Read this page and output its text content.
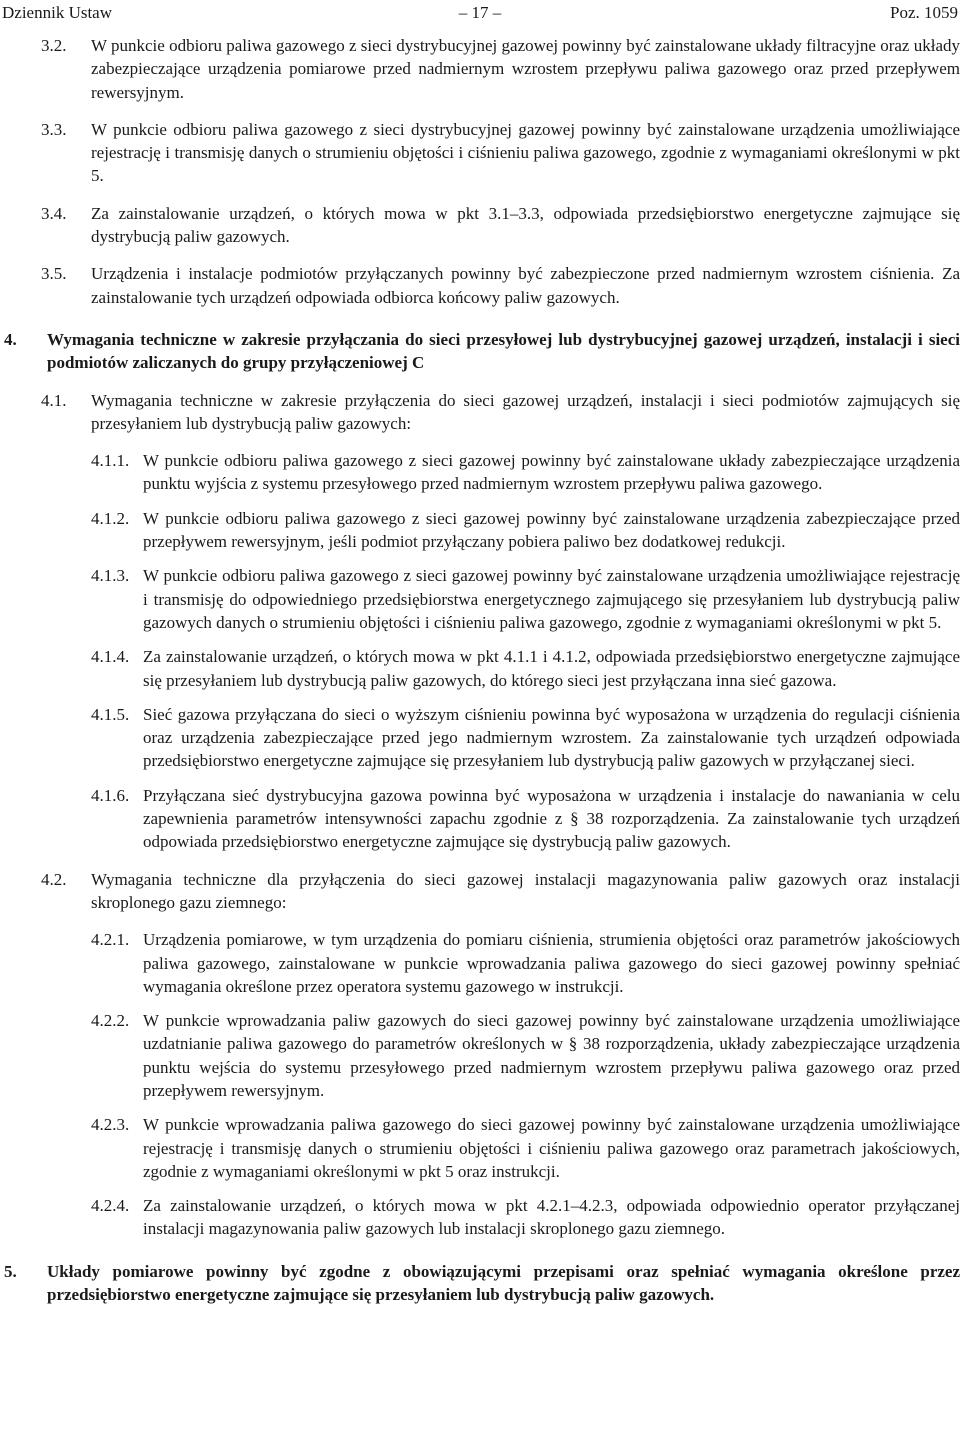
Dziennik Ustaw	– 17 –	Poz. 1059

3.2. W punkcie odbioru paliwa gazowego z sieci dystrybucyjnej gazowej powinny być zainstalowane układy filtracyjne oraz układy zabezpieczające urządzenia pomiarowe przed nadmiernym wzrostem przepływu paliwa gazowego oraz przed przepływem rewersyjnym.

3.3. W punkcie odbioru paliwa gazowego z sieci dystrybucyjnej gazowej powinny być zainstalowane urządzenia umożliwiające rejestrację i transmisję danych o strumieniu objętości i ciśnieniu paliwa gazowego, zgodnie z wymaganiami określonymi w pkt 5.

3.4. Za zainstalowanie urządzeń, o których mowa w pkt 3.1–3.3, odpowiada przedsiębiorstwo energetyczne zajmujące się dystrybucją paliw gazowych.

3.5. Urządzenia i instalacje podmiotów przyłączanych powinny być zabezpieczone przed nadmiernym wzrostem ciśnienia. Za zainstalowanie tych urządzeń odpowiada odbiorca końcowy paliw gazowych.

4. Wymagania techniczne w zakresie przyłączania do sieci przesyłowej lub dystrybucyjnej gazowej urządzeń, instalacji i sieci podmiotów zaliczanych do grupy przyłączeniowej C

4.1. Wymagania techniczne w zakresie przyłączenia do sieci gazowej urządzeń, instalacji i sieci podmiotów zajmujących się przesyłaniem lub dystrybucją paliw gazowych:

4.1.1. W punkcie odbioru paliwa gazowego z sieci gazowej powinny być zainstalowane układy zabezpieczające urządzenia punktu wyjścia z systemu przesyłowego przed nadmiernym wzrostem przepływu paliwa gazowego.

4.1.2. W punkcie odbioru paliwa gazowego z sieci gazowej powinny być zainstalowane urządzenia zabezpieczające przed przepływem rewersyjnym, jeśli podmiot przyłączany pobiera paliwo bez dodatkowej redukcji.

4.1.3. W punkcie odbioru paliwa gazowego z sieci gazowej powinny być zainstalowane urządzenia umożliwiające rejestrację i transmisję do odpowiedniego przedsiębiorstwa energetycznego zajmującego się przesyłaniem lub dystrybucją paliw gazowych danych o strumieniu objętości i ciśnieniu paliwa gazowego, zgodnie z wymaganiami określonymi w pkt 5.

4.1.4. Za zainstalowanie urządzeń, o których mowa w pkt 4.1.1 i 4.1.2, odpowiada przedsiębiorstwo energetyczne zajmujące się przesyłaniem lub dystrybucją paliw gazowych, do którego sieci jest przyłączana inna sieć gazowa.

4.1.5. Sieć gazowa przyłączana do sieci o wyższym ciśnieniu powinna być wyposażona w urządzenia do regulacji ciśnienia oraz urządzenia zabezpieczające przed jego nadmiernym wzrostem. Za zainstalowanie tych urządzeń odpowiada przedsiębiorstwo energetyczne zajmujące się przesyłaniem lub dystrybucją paliw gazowych w przyłączanej sieci.

4.1.6. Przyłączana sieć dystrybucyjna gazowa powinna być wyposażona w urządzenia i instalacje do nawaniania w celu zapewnienia parametrów intensywności zapachu zgodnie z § 38 rozporządzenia. Za zainstalowanie tych urządzeń odpowiada przedsiębiorstwo energetyczne zajmujące się dystrybucją paliw gazowych.

4.2. Wymagania techniczne dla przyłączenia do sieci gazowej instalacji magazynowania paliw gazowych oraz instalacji skroplonego gazu ziemnego:

4.2.1. Urządzenia pomiarowe, w tym urządzenia do pomiaru ciśnienia, strumienia objętości oraz parametrów jakościowych paliwa gazowego, zainstalowane w punkcie wprowadzania paliwa gazowego do sieci gazowej powinny spełniać wymagania określone przez operatora systemu gazowego w instrukcji.

4.2.2. W punkcie wprowadzania paliw gazowych do sieci gazowej powinny być zainstalowane urządzenia umożliwiające uzdatnianie paliwa gazowego do parametrów określonych w § 38 rozporządzenia, układy zabezpieczające urządzenia punktu wejścia do systemu przesyłowego przed nadmiernym wzrostem przepływu paliwa gazowego oraz przed przepływem rewersyjnym.

4.2.3. W punkcie wprowadzania paliwa gazowego do sieci gazowej powinny być zainstalowane urządzenia umożliwiające rejestrację i transmisję danych o strumieniu objętości i ciśnieniu paliwa gazowego oraz parametrach jakościowych, zgodnie z wymaganiami określonymi w pkt 5 oraz instrukcji.

4.2.4. Za zainstalowanie urządzeń, o których mowa w pkt 4.2.1–4.2.3, odpowiada odpowiednio operator przyłączanej instalacji magazynowania paliw gazowych lub instalacji skroplonego gazu ziemnego.

5. Układy pomiarowe powinny być zgodne z obowiązującymi przepisami oraz spełniać wymagania określone przez przedsiębiorstwo energetyczne zajmujące się przesyłaniem lub dystrybucją paliw gazowych.
